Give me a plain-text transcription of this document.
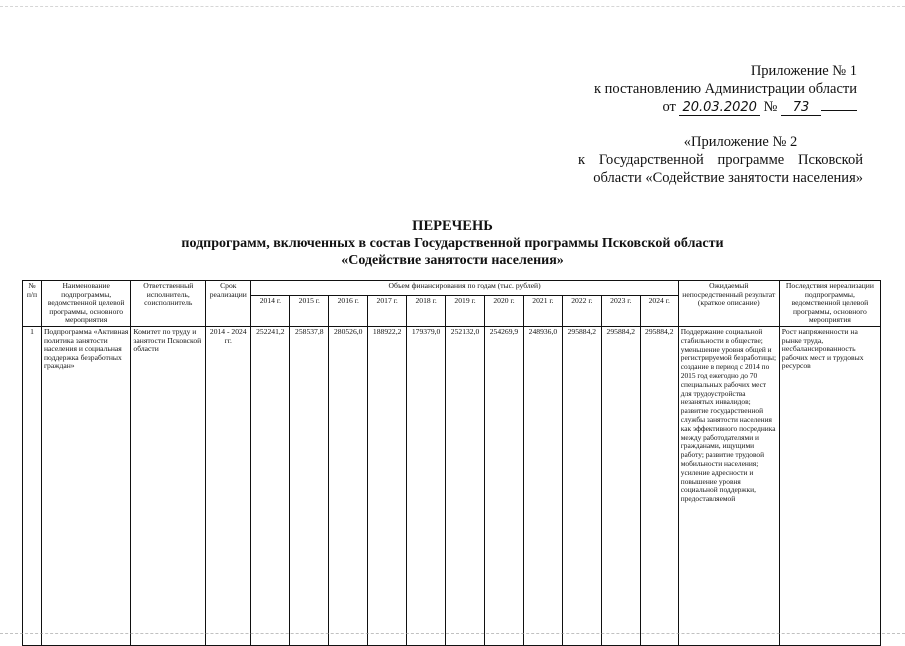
Приложение № 1
к постановлению Администрации области
от 20.03.2020 № 73
«Приложение № 2
к Государственной программе Псковской
области «Содействие занятости населения»
ПЕРЕЧЕНЬ
подпрограмм, включенных в состав Государственной программы Псковской области
«Содействие занятости населения»
№ п/п	Наименование подпрограммы, ведомственной целевой программы, основного мероприятия	Ответственный исполнитель, соисполнитель	Срок реализации	Объем финансирования по годам (тыс. рублей)											Ожидаемый непосредственный результат (краткое описание)	Последствия нереализации подпрограммы, ведомственной целевой программы, основного мероприятия
				2014 г.	2015 г.	2016 г.	2017 г.	2018 г.	2019 г.	2020 г.	2021 г.	2022 г.	2023 г.	2024 г.		
1	Подпрограмма «Активная политика занятости населения и социальная поддержка безработных граждан»	Комитет по труду и занятости Псковской области	2014 - 2024 гг.	252241,2	258537,8	280526,0	188922,2	179379,0	252132,0	254269,9	248936,0	295884,2	295884,2	295884,2	Поддержание социальной стабильности в обществе; уменьшение уровня общей и регистрируемой безработицы; создание в период с 2014 по 2015 год ежегодно до 70 специальных рабочих мест для трудоустройства незанятых инвалидов; развитие государственной службы занятости населения как эффективного посредника между работодателями и гражданами, ищущими работу; развитие трудовой мобильности населения; усиление адресности и повышение уровня социальной поддержки, предоставляемой	Рост напряженности на рынке труда, несбалансированность рабочих мест и трудовых ресурсов
